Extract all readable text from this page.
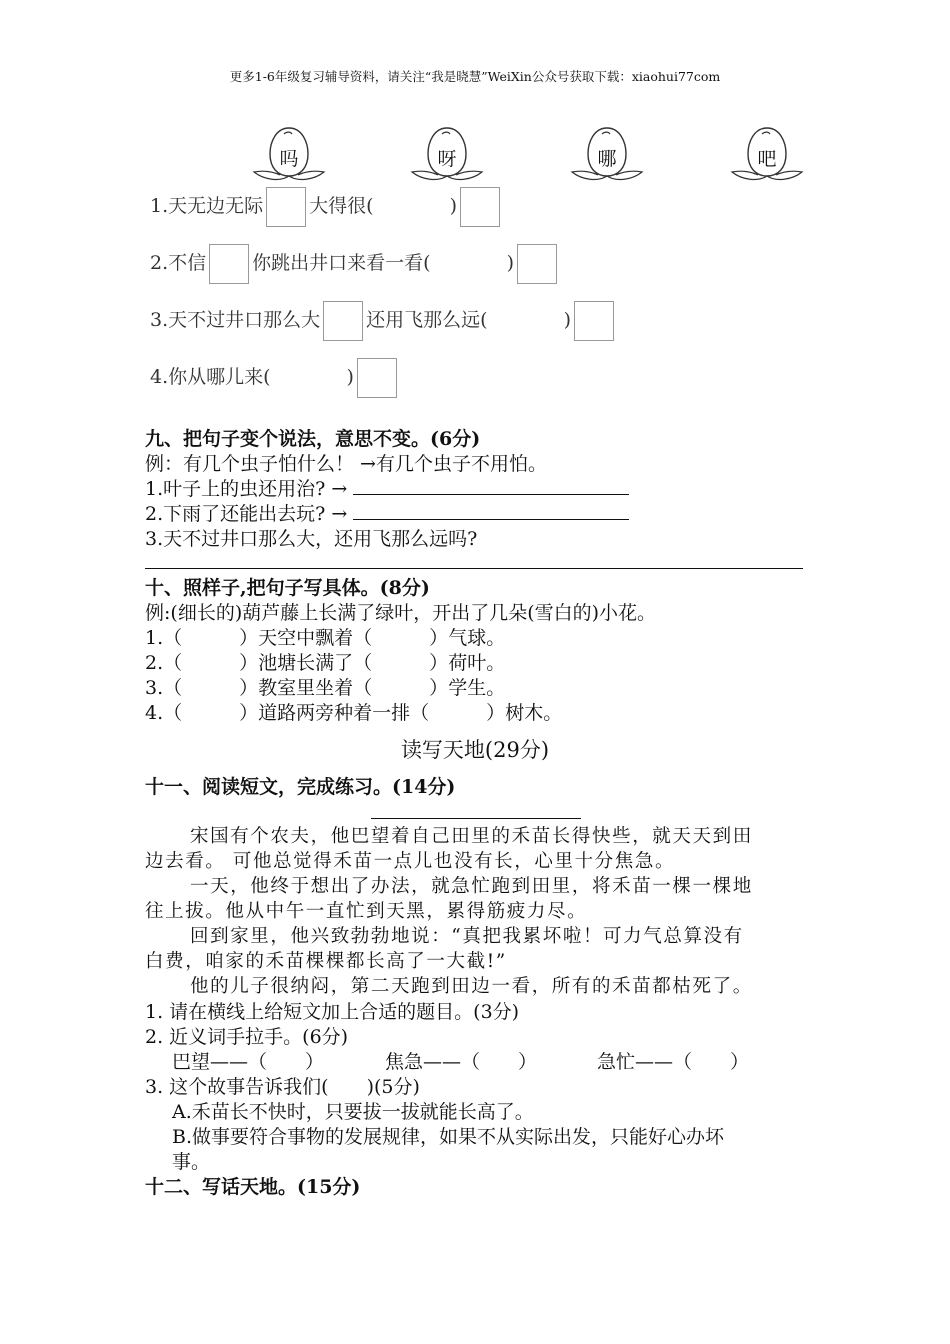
更多1-6年级复习辅导资料，请关注“我是晓慧”WeiXin公众号获取下载：xiaohui77com
吗	呀	哪	吧
1.天无边无际 大得很(	)
2.不信 你跳出井口来看一看(	)
3.天不过井口那么大 还用飞那么远(	)
4.你从哪儿来(	)
九、把句子变个说法，意思不变。(6分)
例：有几个虫子怕什么！ →有几个虫子不用怕。
1.叶子上的虫还用治? →
2.下雨了还能出去玩? →
3.天不过井口那么大，还用飞那么远吗?
十、照样子,把句子写具体。(8分)
例:(细长的)葫芦藤上长满了绿叶，开出了几朵(雪白的)小花。
1.（　　　）天空中飘着（　　　）气球。
2.（　　　）池塘长满了（　　　）荷叶。
3.（　　　）教室里坐着（　　　）学生。
4.（　　　）道路两旁种着一排（　　　）树木。
读写天地(29分)
十一、阅读短文，完成练习。(14分)
宋国有个农夫，他巴望着自己田里的禾苗长得快些，就天天到田
边去看。 可他总觉得禾苗一点儿也没有长，心里十分焦急。
一天，他终于想出了办法，就急忙跑到田里，将禾苗一棵一棵地
往上拔。他从中午一直忙到天黑，累得筋疲力尽。
回到家里，他兴致勃勃地说：“真把我累坏啦！可力气总算没有
白费，咱家的禾苗棵棵都长高了一大截!”
他的儿子很纳闷，第二天跑到田边一看，所有的禾苗都枯死了。
1. 请在横线上给短文加上合适的题目。(3分)
2. 近义词手拉手。(6分)
巴望——（　　）	焦急——（　　）	急忙——（　　）
3. 这个故事告诉我们(　　)(5分)
A.禾苗长不快时，只要拔一拔就能长高了。
B.做事要符合事物的发展规律，如果不从实际出发，只能好心办坏
事。
十二、写话天地。(15分)
